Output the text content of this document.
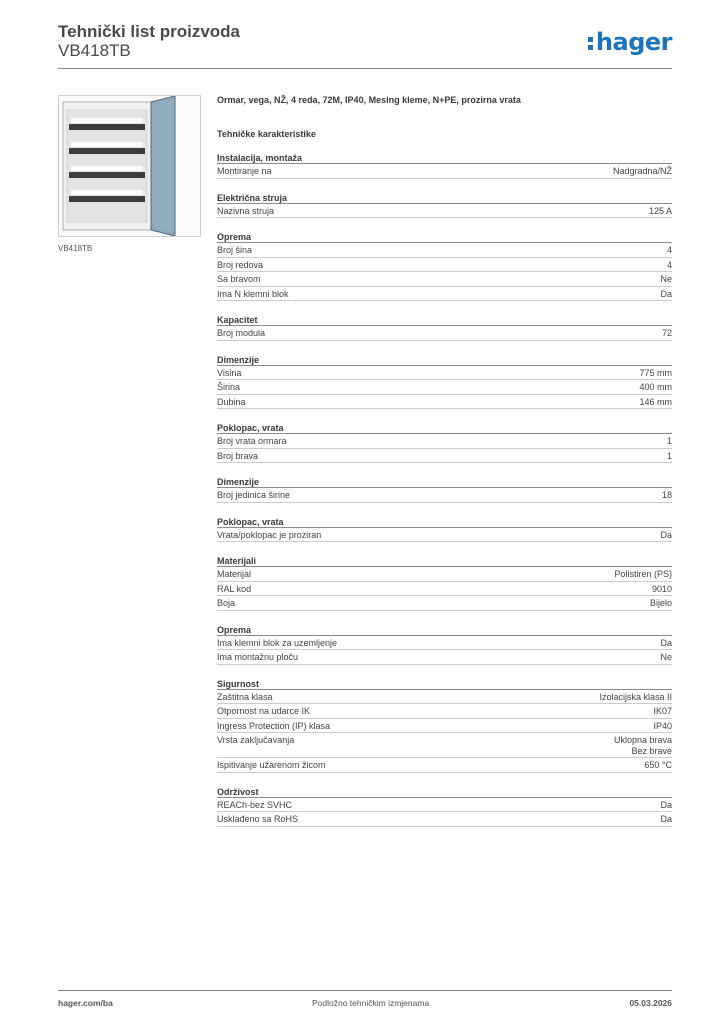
Tehnički list proizvoda
VB418TB	hager
VB418TB
Ormar, vega, NŽ, 4 reda, 72M, IP40, Mesing kleme, N+PE, prozirna vrata
Tehničke karakteristike
Instalacija, montaža
Montiranje na	Nadgradna/NŽ
Električna struja
Nazivna struja	125 A
Oprema
Broj šina	4
Broj redova	4
Sa bravom	Ne
Ima N klemni blok	Da
Kapacitet
Broj modula	72
Dimenzije
Visina	775 mm
Širina	400 mm
Dubina	146 mm
Poklopac, vrata
Broj vrata ormara	1
Broj brava	1
Dimenzije
Broj jedinica širine	18
Poklopac, vrata
Vrata/poklopac je proziran	Da
Materijali
Materijal	Polistiren (PS)
RAL kod	9010
Boja	Bijelo
Oprema
Ima klemni blok za uzemljenje	Da
Ima montažnu ploču	Ne
Sigurnost
Zaštitna klasa	Izolacijska klasa II
Otpornost na udarce IK	IK07
Ingress Protection (IP) klasa	IP40
Vrsta zaključavanja	Uklopna brava
Bez brave
Ispitivanje užarenom žicom	650 °C
Održivost
REACh-bez SVHC	Da
Usklađeno sa RoHS	Da
hager.com/ba	Podložno tehničkim izmjenama	05.03.2026
